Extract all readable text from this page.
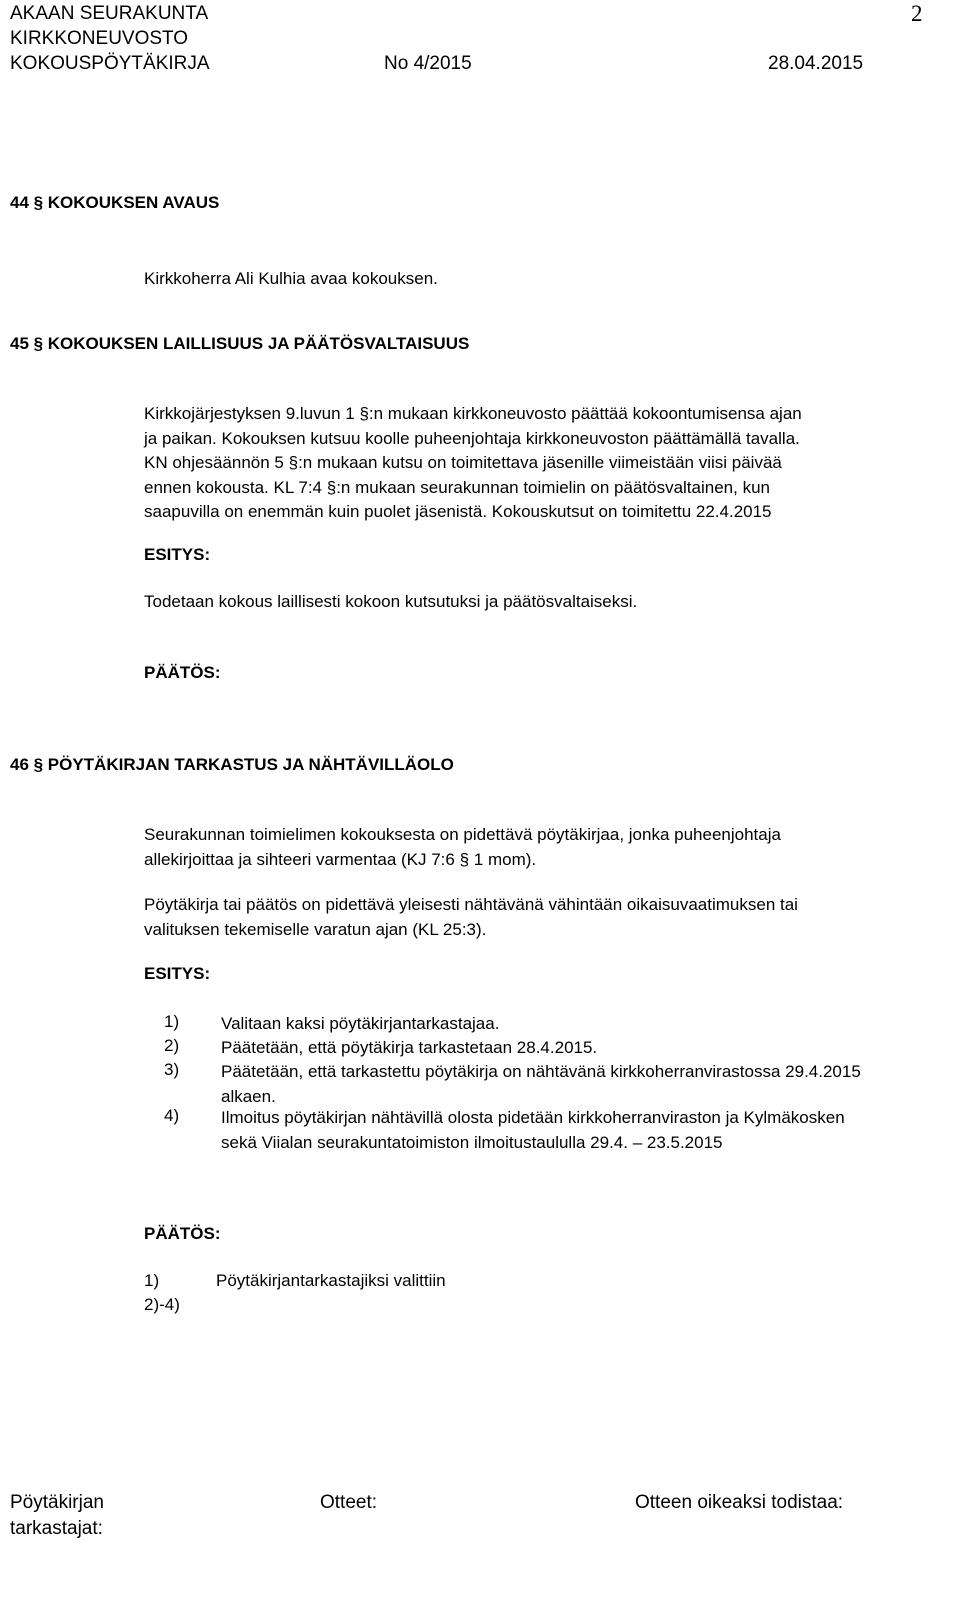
AKAAN SEURAKUNTA
KIRKKONEUVOSTO
KOKOUSPÖYTÄKIRJA	No 4/2015	28.04.2015
2
44 § KOKOUKSEN AVAUS
Kirkkoherra Ali Kulhia avaa kokouksen.
45 § KOKOUKSEN LAILLISUUS JA PÄÄTÖSVALTAISUUS
Kirkkojärjestyksen 9.luvun 1 §:n mukaan kirkkoneuvosto päättää kokoontumisensa ajan
ja paikan. Kokouksen kutsuu koolle puheenjohtaja kirkkoneuvoston päättämällä tavalla.
KN ohjesäännön 5 §:n mukaan kutsu on toimitettava jäsenille viimeistään viisi päivää
ennen kokousta. KL 7:4 §:n mukaan seurakunnan toimielin on päätösvaltainen, kun
saapuvilla on enemmän kuin puolet jäsenistä. Kokouskutsut on toimitettu 22.4.2015
ESITYS:
Todetaan kokous laillisesti kokoon kutsutuksi ja päätösvaltaiseksi.
PÄÄTÖS:
46 § PÖYTÄKIRJAN TARKASTUS JA NÄHTÄVILLÄOLO
Seurakunnan toimielimen kokouksesta on pidettävä pöytäkirjaa, jonka puheenjohtaja
allekirjoittaa ja sihteeri varmentaa (KJ 7:6 § 1 mom).
Pöytäkirja tai päätös on pidettävä yleisesti nähtävänä vähintään oikaisuvaatimuksen tai
valituksen tekemiselle varatun ajan (KL 25:3).
ESITYS:
1) Valitaan kaksi pöytäkirjantarkastajaa.
2) Päätetään, että pöytäkirja tarkastetaan 28.4.2015.
3) Päätetään, että tarkastettu pöytäkirja on nähtävänä kirkkoherranvirastossa 29.4.2015 alkaen.
4) Ilmoitus pöytäkirjan nähtävillä olosta pidetään kirkkoherranviraston ja Kylmäkosken sekä Viialan seurakuntatoimiston ilmoitustaululla 29.4. – 23.5.2015
PÄÄTÖS:
1)	Pöytäkirjantarkastajiksi valittiin
2)-4)
Pöytäkirjan
tarkastajat:
Otteet:	Otteen oikeaksi todistaa:
